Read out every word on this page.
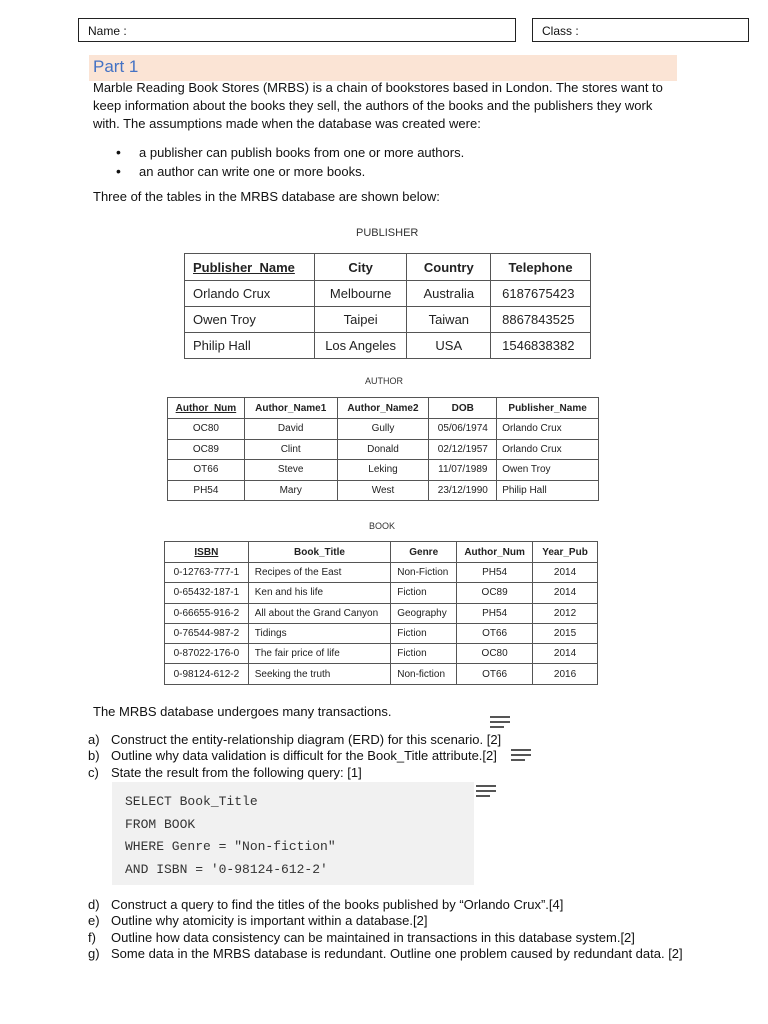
Name :	Class :
Part 1

Marble Reading Book Stores (MRBS) is a chain of bookstores based in London. The stores want to keep information about the books they sell, the authors of the books and the publishers they work with. The assumptions made when the database was created were:

• a publisher can publish books from one or more authors.
• an author can write one or more books.

Three of the tables in the MRBS database are shown below:

PUBLISHER
Publisher_Name	City	Country	Telephone
Orlando Crux	Melbourne	Australia	6187675423
Owen Troy	Taipei	Taiwan	8867843525
Philip Hall	Los Angeles	USA	1546838382
AUTHOR
Author_Num	Author_Name1	Author_Name2	DOB	Publisher_Name
OC80	David	Gully	05/06/1974	Orlando Crux
OC89	Clint	Donald	02/12/1957	Orlando Crux
OT66	Steve	Leking	11/07/1989	Owen Troy
PH54	Mary	West	23/12/1990	Philip Hall
BOOK
ISBN	Book_Title	Genre	Author_Num	Year_Pub
0-12763-777-1	Recipes of the East	Non-Fiction	PH54	2014
0-65432-187-1	Ken and his life	Fiction	OC89	2014
0-66655-916-2	All about the Grand Canyon	Geography	PH54	2012
0-76544-987-2	Tidings	Fiction	OT66	2015
0-87022-176-0	The fair price of life	Fiction	OC80	2014
0-98124-612-2	Seeking the truth	Non-fiction	OT66	2016

The MRBS database undergoes many transactions.

a) Construct the entity-relationship diagram (ERD) for this scenario. [2]
b) Outline why data validation is difficult for the Book_Title attribute.[2]
c) State the result from the following query: [1]
SELECT Book_Title
FROM BOOK
WHERE Genre = "Non-fiction"
AND ISBN = '0-98124-612-2'
d) Construct a query to find the titles of the books published by “Orlando Crux”.[4]
e) Outline why atomicity is important within a database.[2]
f) Outline how data consistency can be maintained in transactions in this database system.[2]
g) Some data in the MRBS database is redundant. Outline one problem caused by redundant data. [2]
